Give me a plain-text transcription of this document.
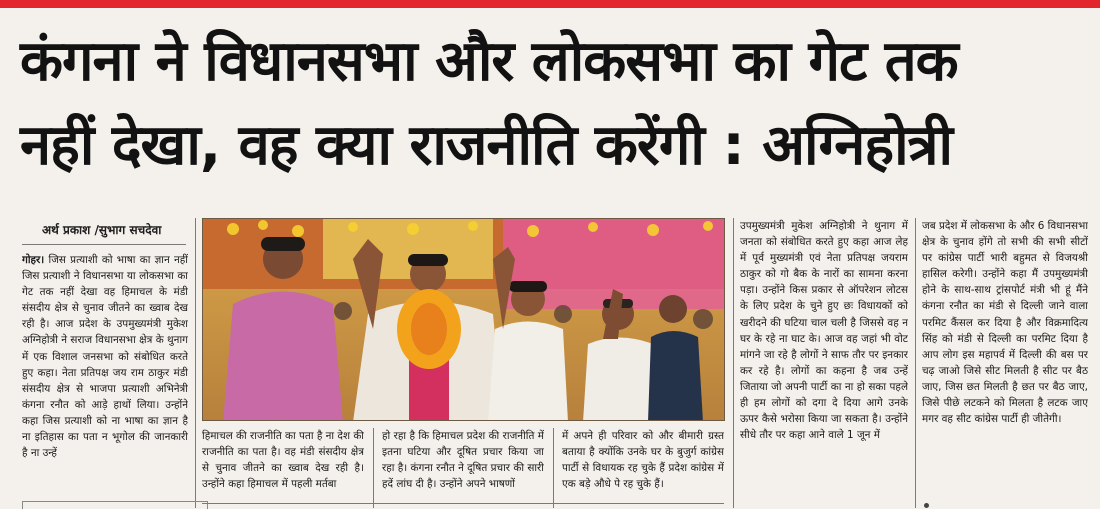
कंगना ने विधानसभा और लोकसभा का गेट तक
नहीं देखा, वह क्या राजनीति करेंगी : अग्निहोत्री
अर्थ प्रकाश /सुभाग सचदेवा
गोहर। जिस प्रत्याशी को भाषा का ज्ञान नहीं जिस प्रत्याशी ने विधानसभा या लोकसभा का गेट तक नहीं देखा वह हिमाचल के मंडी संसदीय क्षेत्र से चुनाव जीतने का ख्वाब देख रही है। आज प्रदेश के उपमुख्यमंत्री मुकेश अग्निहोत्री ने सराज विधानसभा क्षेत्र के थुनाग में एक विशाल जनसभा को संबोधित करते हुए कहा। नेता प्रतिपक्ष जय राम ठाकुर मंडी संसदीय क्षेत्र से भाजपा प्रत्याशी अभिनेत्री कंगना रनौत को आड़े हाथों लिया। उन्होंने कहा जिस प्रत्याशी को ना भाषा का ज्ञान है ना इतिहास का पता न भूगोल की जानकारी है ना उन्हें
हिमाचल की राजनीति का पता है ना देश की राजनीति का पता है। वह मंडी संसदीय क्षेत्र से चुनाव जीतने का ख्वाब देख रही है। उन्होंने कहा हिमाचल में पहली मर्तबा
हो रहा है कि हिमाचल प्रदेश की राजनीति में इतना घटिया और दूषित प्रचार किया जा रहा है। कंगना रनौत ने दूषित प्रचार की सारी हदें लांघ दी है। उन्होंने अपने भाषणों
में अपने ही परिवार को और बीमारी ग्रस्त बताया है क्योंकि उनके घर के बुजुर्ग कांग्रेस पार्टी से विधायक रह चुके हैं प्रदेश कांग्रेस में एक बड़े औधे पे रह चुके हैं।
उपमुख्यमंत्री मुकेश अग्निहोत्री ने थुनाग में जनता को संबोधित करते हुए कहा आज लेह में पूर्व मुख्यमंत्री एवं नेता प्रतिपक्ष जयराम ठाकुर को गो बैक के नारों का सामना करना पड़ा। उन्होंने किस प्रकार से ऑपरेशन लोटस के लिए प्रदेश के चुने हुए छः विधायकों को खरीदने की घटिया चाल चली है जिससे वह न घर के रहे ना घाट के। आज वह जहां भी वोट मांगने जा रहे है लोगों ने साफ तौर पर इनकार कर रहे है। लोगों का कहना है जब उन्हें जिताया जो अपनी पार्टी का ना हो सका पहले ही हम लोगों को दगा दे दिया आगे उनके ऊपर कैसे भरोसा किया जा सकता है। उन्होंने सीधे तौर पर कहा आने वाले 1 जून में
जब प्रदेश में लोकसभा के और 6 विधानसभा क्षेत्र के चुनाव होंगे तो सभी की सभी सीटों पर कांग्रेस पार्टी भारी बहुमत से विजयश्री हासिल करेगी। उन्होंने कहा मैं उपमुख्यमंत्री होने के साथ-साथ ट्रांसपोर्ट मंत्री भी हूं मैंने कंगना रनौत का मंडी से दिल्ली जाने वाला परमिट कैंसल कर दिया है और विक्रमादित्य सिंह को मंडी से दिल्ली का परमिट दिया है आप लोग इस महापर्व में दिल्ली की बस पर चढ़ जाओ जिसे सीट मिलती है सीट पर बैठ जाए, जिस छत मिलती है छत पर बैठ जाए, जिसे पीछे लटकने को मिलता है लटक जाए मगर वह सीट कांग्रेस पार्टी ही जीतेगी।
